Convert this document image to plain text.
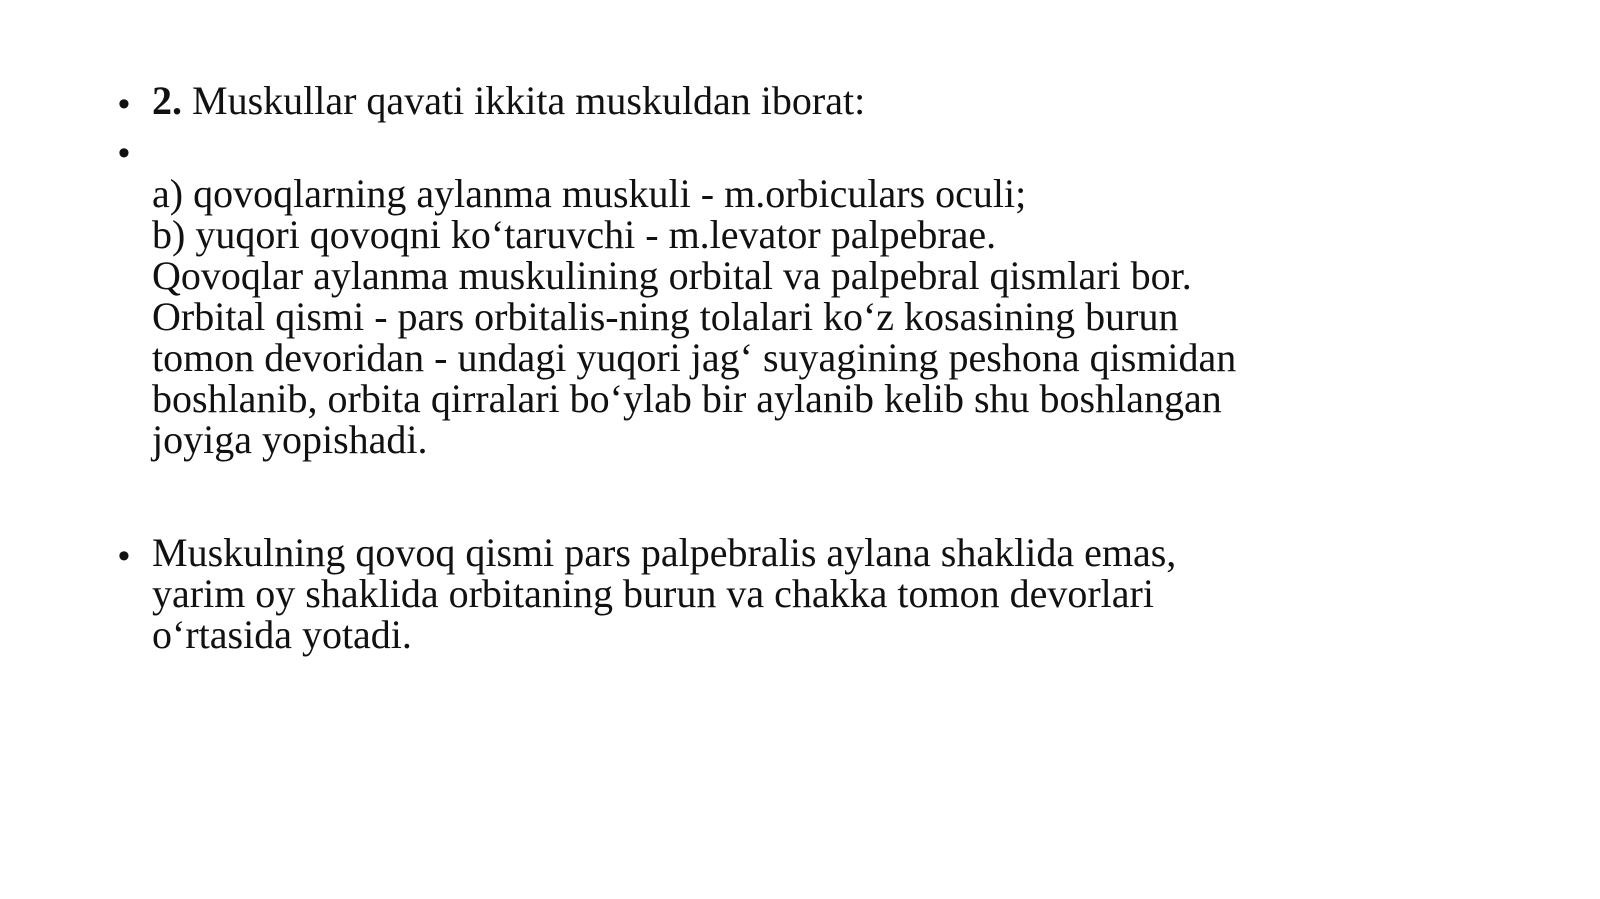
• 2. Muskullar qavati ikkita muskuldan iborat:
•
a) qovoqlarning aylanma muskuli - m.orbiculars oculi;
b) yuqori qovoqni ko‘taruvchi - m.levator palpebrae.
Qovoqlar aylanma muskulining orbital va palpebral qismlari bor.
Orbital qismi - pars orbitalis-ning tolalari ko‘z kosasining burun
tomon devoridan - undagi yuqori jag‘ suyagining peshona qismidan
boshlanib, orbita qirralari bo‘ylab bir aylanib kelib shu boshlangan
joyiga yopishadi.
• Muskulning qovoq qismi pars palpebralis aylana shaklida emas,
yarim oy shaklida orbitaning burun va chakka tomon devorlari
o‘rtasida yotadi.
